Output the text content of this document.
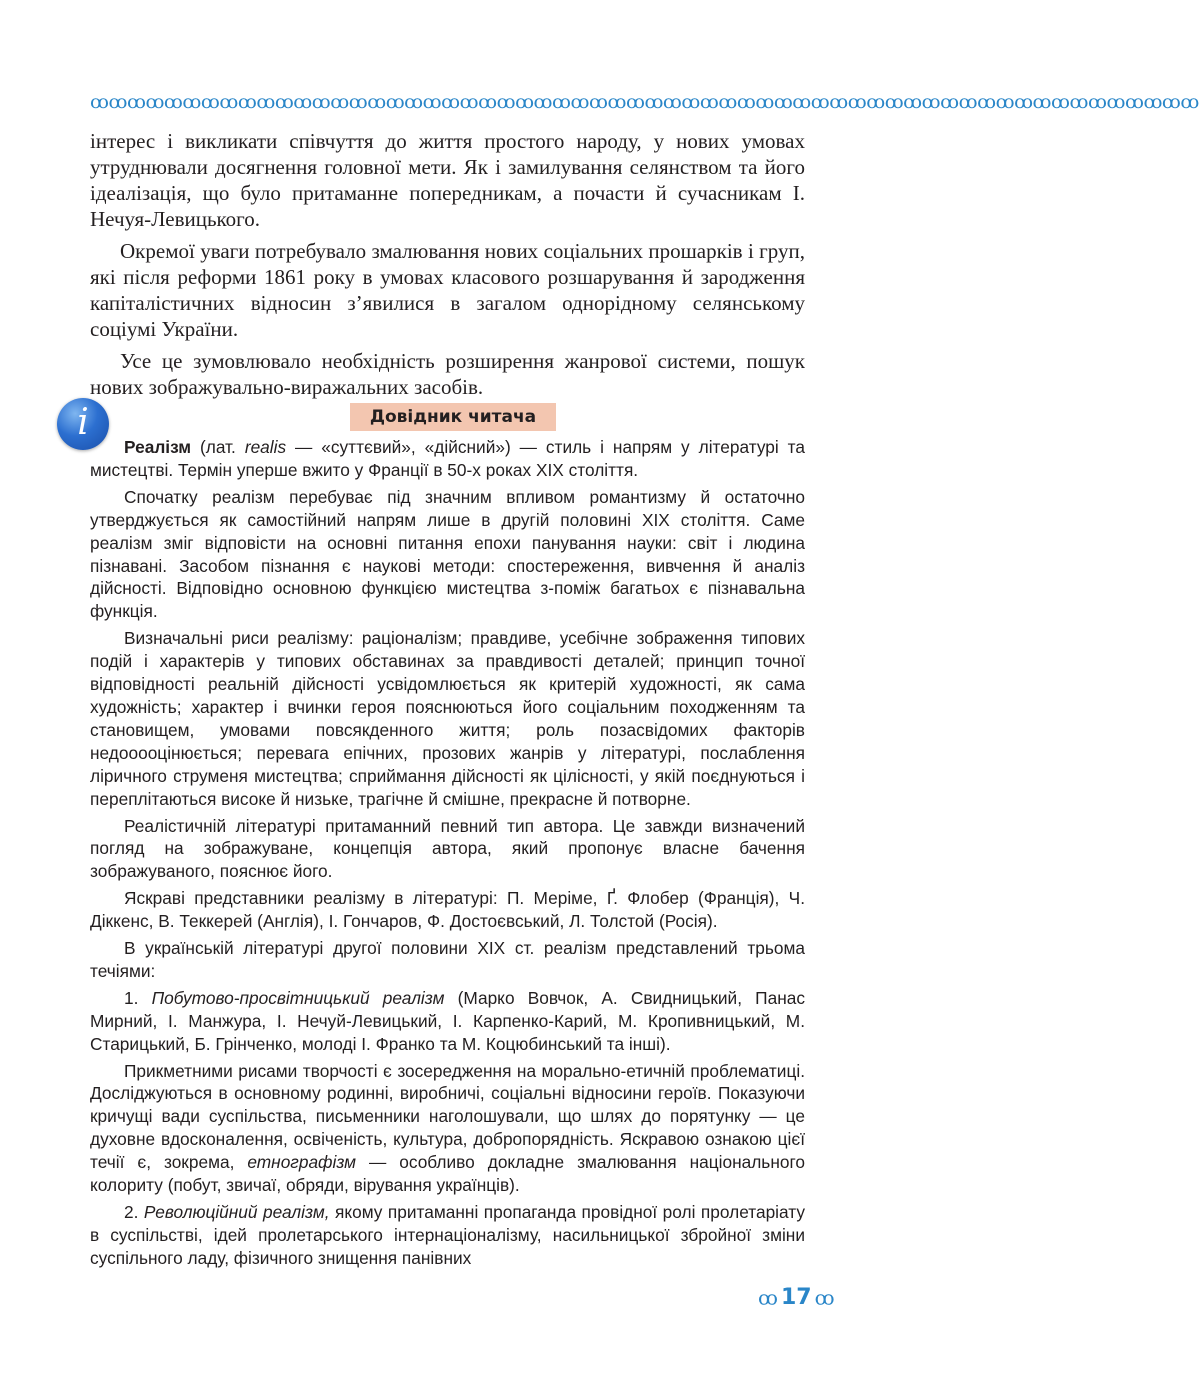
ꝏꝏꝏꝏꝏꝏꝏꝏꝏꝏꝏꝏꝏꝏꝏꝏꝏꝏꝏꝏꝏꝏꝏꝏꝏꝏꝏꝏꝏꝏꝏꝏꝏꝏꝏꝏꝏꝏꝏꝏꝏꝏꝏꝏꝏꝏꝏꝏꝏꝏꝏꝏꝏꝏꝏꝏꝏꝏꝏꝏ

інтерес і викликати співчуття до життя простого народу, у нових умовах утруднювали досягнення головної мети. Як і замилування селянством та його ідеалізація, що було притаманне попередникам, а почасти й сучасникам І. Нечуя-Левицького.

Окремої уваги потребувало змалювання нових соціальних прошарків і груп, які після реформи 1861 року в умовах класового розшарування й зародження капіталістичних відносин з’явилися в загалом однорідному селянському соціумі України.

Усе це зумовлювало необхідність розширення жанрової системи, пошук нових зображувально-виражальних засобів.

i	Довідник читача

Реалізм (лат. realis — «суттєвий», «дійсний») — стиль і напрям у літературі та мистецтві. Термін уперше вжито у Франції в 50-х роках XIX століття.

Спочатку реалізм перебуває під значним впливом романтизму й остаточно утверджується як самостійний напрям лише в другій половині XIX століття. Саме реалізм зміг відповісти на основні питання епохи панування науки: світ і людина пізнавані. Засобом пізнання є наукові методи: спостереження, вивчення й аналіз дійсності. Відповідно основною функцією мистецтва з-поміж багатьох є пізнавальна функція.

Визначальні риси реалізму: раціоналізм; правдиве, усебічне зображення типових подій і характерів у типових обставинах за правдивості деталей; принцип точної відповідності реальній дійсності усвідомлюється як критерій художності, як сама художність; характер і вчинки героя пояснюються його соціальним походженням та становищем, умовами повсякденного життя; роль позасвідомих факторів недооооцінюється; перевага епічних, прозових жанрів у літературі, послаблення ліричного струменя мистецтва; сприймання дійсності як цілісності, у якій поєднуються і переплітаються високе й низьке, трагічне й смішне, прекрасне й потворне.

Реалістичній літературі притаманний певний тип автора. Це завжди визначений погляд на зображуване, концепція автора, який пропонує власне бачення зображуваного, пояснює його.

Яскраві представники реалізму в літературі: П. Меріме, Ґ. Флобер (Франція), Ч. Діккенс, В. Теккерей (Англія), І. Гончаров, Ф. Достоєвський, Л. Толстой (Росія).

В українській літературі другої половини XIX ст. реалізм представлений трьома течіями:

1. Побутово-просвітницький реалізм (Марко Вовчок, А. Свидницький, Панас Мирний, І. Манжура, І. Нечуй-Левицький, І. Карпенко-Карий, М. Кропивницький, М. Старицький, Б. Грінченко, молоді І. Франко та М. Коцюбинський та інші).

Прикметними рисами творчості є зосередження на морально-етичній проблематиці. Досліджуються в основному родинні, виробничі, соціальні відносини героїв. Показуючи кричущі вади суспільства, письменники наголошували, що шлях до порятунку — це духовне вдосконалення, освіченість, культура, добропорядність. Яскравою ознакою цієї течії є, зокрема, етнографізм — особливо докладне змалювання національного колориту (побут, звичаї, обряди, вірування українців).

2. Революційний реалізм, якому притаманні пропаганда провідної ролі пролетаріату в суспільстві, ідей пролетарського інтернаціоналізму, насильницької збройної зміни суспільного ладу, фізичного знищення панівних

ꝏ 17 ꝏ
